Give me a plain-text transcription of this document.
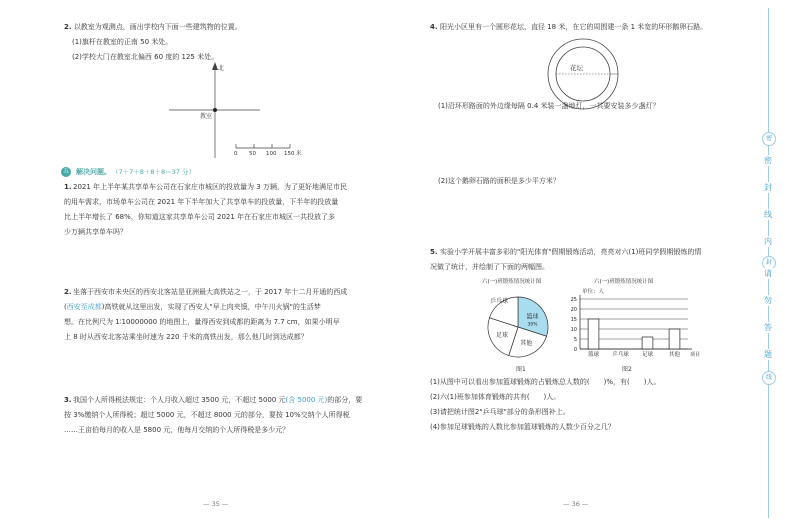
2. 以教室为观测点，画出学校内下面一些建筑物的位置。
(1)旗杆在教室的正南 50 米处。
(2)学校大门在教室北偏西 60 度的 125 米处。
北
教室
0 50 100 150 米
五 解决问题。 （7＋7＋8＋8＋8＝37 分）
1. 2021 年上半年某共享单车公司在石家庄市城区的投放量为 3 万辆，为了更好地满足市民
的用车需求，市场单车公司在 2021 年下半年加大了共享单车的投放量，下半年的投放量
比上半年增长了 68%，你知道这家共享单车公司 2021 年在石家庄市城区一共投放了多
少万辆共享单车吗？
2. 坐落于西安市未央区的西安北客站是亚洲最大高铁站之一，于 2017 年十二月开通的西成
(西安至成都)高铁就从这里出发，实现了西安人"早上肉夹馍，中午川火锅"的生活梦
想。在比例尺为 1∶10000000 的地图上，量得西安到成都的距离为 7.7 cm，如果小明早
上 8 时从西安北客站乘坐时速为 220 千米的高铁出发，那么他几时到达成都？
3. 我国个人所得税法规定：个人月收入超过 3500 元，不超过 5000 元(含 5000 元)的部分，要
按 3%缴纳个人所得税；超过 5000 元，不超过 8000 元的部分，要按 10%交纳个人所得税
……王亩伯每月的收入是 5800 元，他每月交纳的个人所得税是多少元？
— 35 —
4. 阳光小区里有一个圆形花坛，直径 18 米，在它的周围建一条 1 米宽的环形鹅卵石路。
花坛
(1)沿环形路面的外边缘每隔 0.4 米装一盏地灯，一共要安装多少盏灯？
(2)这个鹅卵石路的面积是多少平方米？
5. 实验小学开展丰富多彩的"阳光体育"假期锻炼活动，亮亮对六(1)班同学假期锻炼的情
况做了统计，并绘制了下面的两幅图。
六(一)班锻炼情况统计图
篮球
30%
其他
足球
乒乓球
图1
六(一)班锻炼情况统计图
单位：人
0
5
10
15
20
25
篮球 乒乓球 足球	其他 项目
图2
(1)从图中可以看出参加篮球锻炼的占锻炼总人数的(　　)%，有(　　)人。
(2)六(1)班参加体育锻炼的共有(　　)人。
(3)请把统计图2"乒乓球"部分的条形图补上。
(4)参加足球锻炼的人数比参加篮球锻炼的人数少百分之几？
— 36 —
密
密
封
线
内
封
请
勿
答
题
线
